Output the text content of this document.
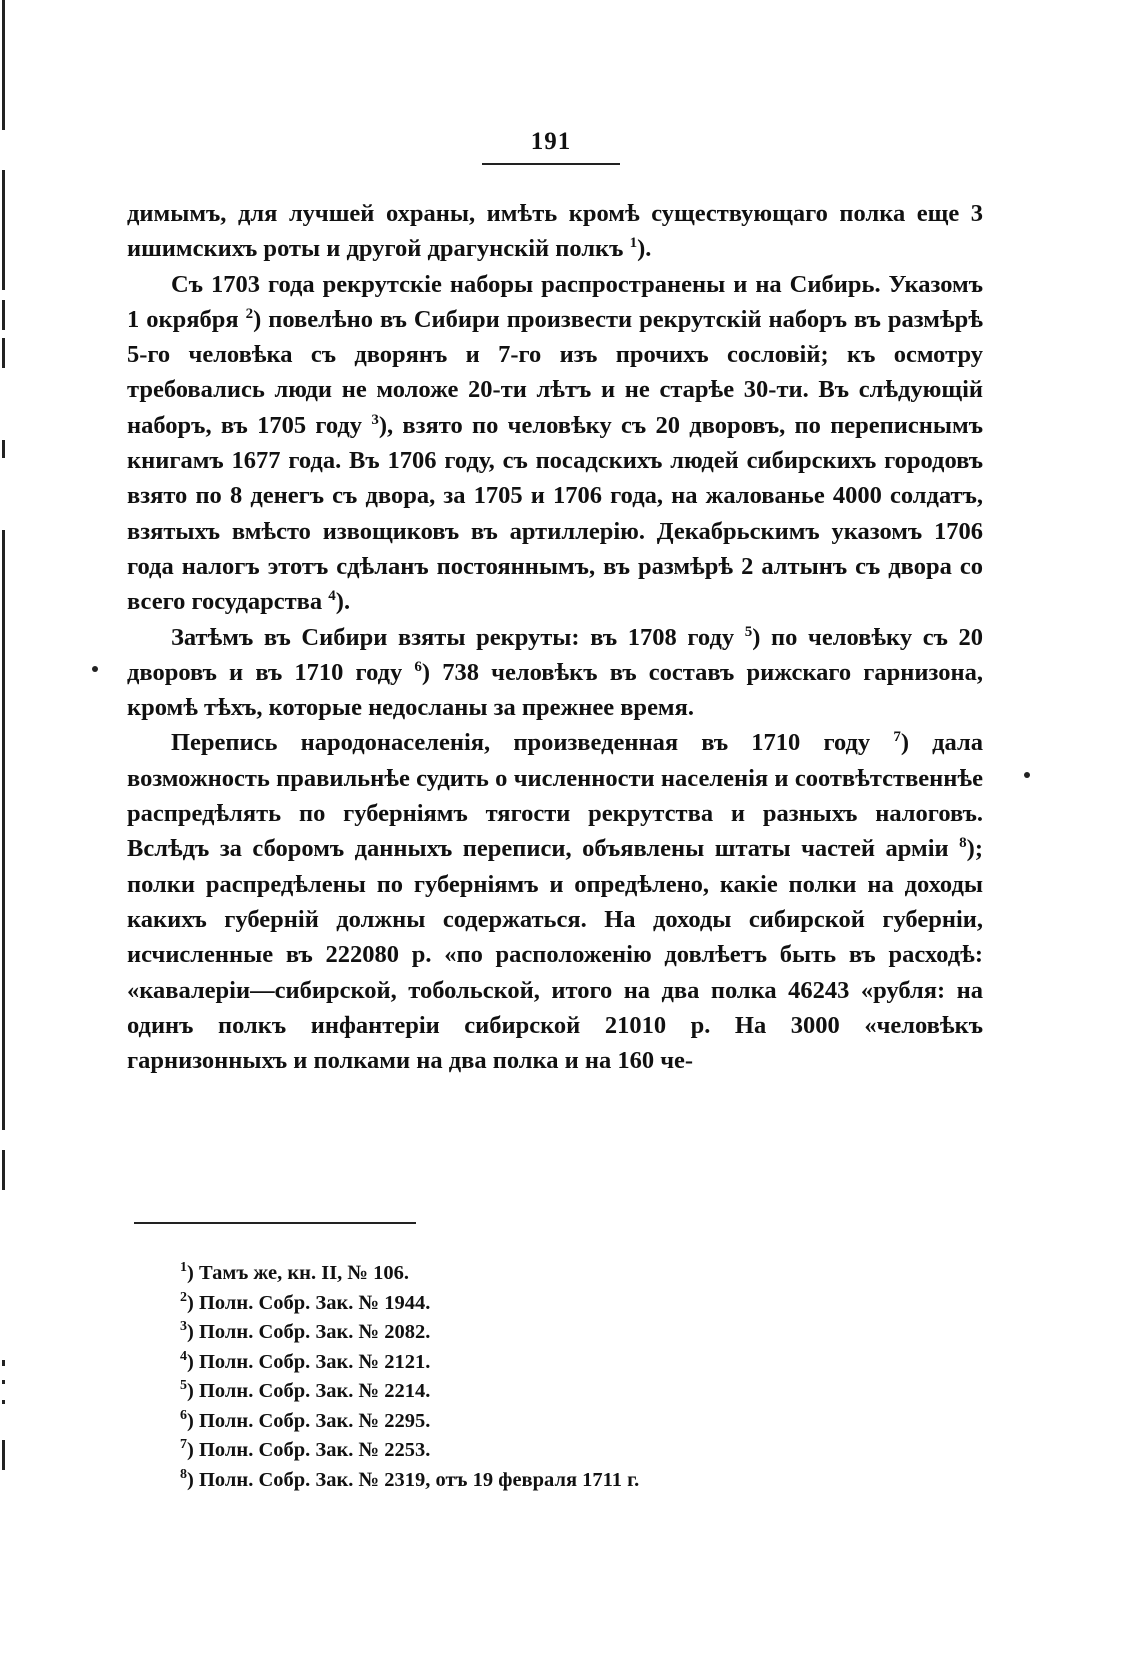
191

димымъ, для лучшей охраны, имѣть кромѣ существующаго полка еще 3 ишимскихъ роты и другой драгунскій полкъ $^1$).

Съ 1703 года рекрутскіе наборы распространены и на Сибирь. Указомъ 1 окрября $^2$) повелѣно въ Сибири произвести рекрутскій наборъ въ размѣрѣ 5-го человѣка съ дворянъ и 7-го изъ прочихъ сословій; къ осмотру требовались люди не моложе 20-ти лѣтъ и не старѣе 30-ти. Въ слѣдующій наборъ, въ 1705 году $^3$), взято по человѣку съ 20 дворовъ, по переписнымъ книгамъ 1677 года. Въ 1706 году, съ посадскихъ людей сибирскихъ городовъ взято по 8 денегъ съ двора, за 1705 и 1706 года, на жалованье 4000 солдатъ, взятыхъ вмѣсто извощиковъ въ артиллерію. Декабрьскимъ указомъ 1706 года налогъ этотъ сдѣланъ постояннымъ, въ размѣрѣ 2 алтынъ съ двора со всего государства $^4$).

Затѣмъ въ Сибири взяты рекруты: въ 1708 году $^5$) по человѣку съ 20 дворовъ и въ 1710 году $^6$) 738 человѣкъ въ составъ рижскаго гарнизона, кромѣ тѣхъ, которые недосланы за прежнее время.

Перепись народонаселенія, произведенная въ 1710 году $^7$) дала возможность правильнѣе судить о численности населенія и соотвѣтственнѣе распредѣлять по губерніямъ тягости рекрутства и разныхъ налоговъ. Вслѣдъ за сборомъ данныхъ переписи, объявлены штаты частей арміи $^8$); полки распредѣлены по губерніямъ и опредѣлено, какіе полки на доходы какихъ губерній должны содержаться. На доходы сибирской губерніи, исчисленные въ 222080 р. «по расположенію довлѣетъ быть въ расходѣ: «кавалеріи—сибирской, тобольской, итого на два полка 46243 «рубля: на одинъ полкъ инфантеріи сибирской 21010 р. На 3000 «человѣкъ гарнизонныхъ и полками на два полка и на 160 че-

1) Тамъ же, кн. II, № 106.
2) Полн. Собр. Зак. № 1944.
3) Полн. Собр. Зак. № 2082.
4) Полн. Собр. Зак. № 2121.
5) Полн. Собр. Зак. № 2214.
6) Полн. Собр. Зак. № 2295.
7) Полн. Собр. Зак. № 2253.
8) Полн. Собр. Зак. № 2319, отъ 19 февраля 1711 г.
